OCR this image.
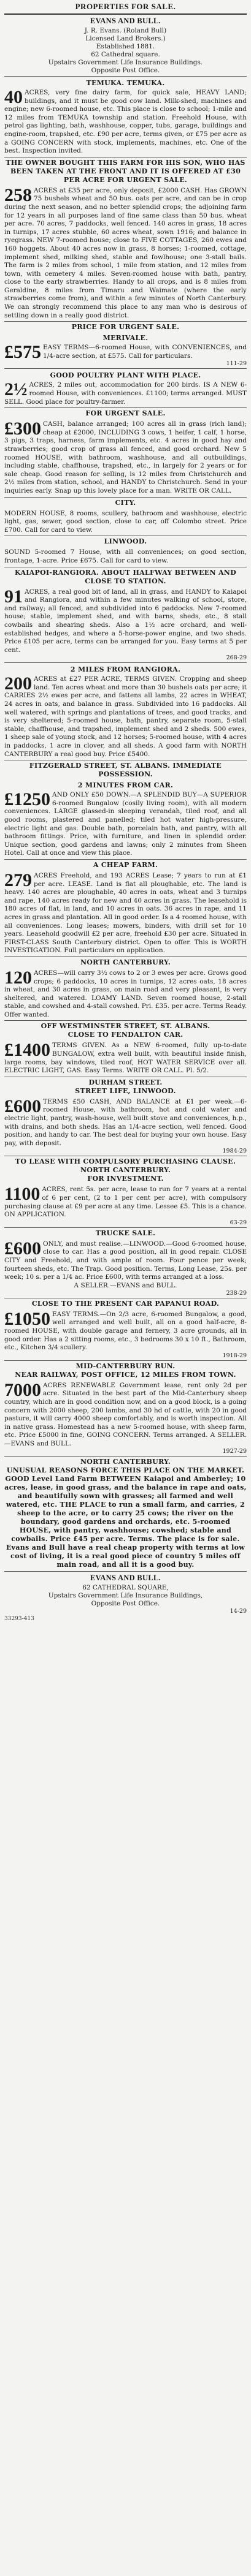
PROPERTIES FOR SALE.
EVANS AND BULL.
J. R. Evans. (Roland Bull)
Licensed Land Brokers.)
Established 1881.
62 Cathedral square.
Upstairs Government Life Insurance Buildings.
Opposite Post Office.
TEMUKA. TEMUKA.

40 ACRES, very fine dairy farm, for quick sale, HEAVY LAND; buildings, and it must be good cow land. Milk-shed, machines and engine; new 6-roomed house, etc. This place is close to school; 1-mile and 12 miles from TEMUKA township and station. Freehold House, with petrol gas lighting, bath, washhouse, copper, tubs, garage, buildings and engine-room, trapshed, etc. £90 per acre, terms given, or £75 per acre as a GOING CONCERN with stock, implements, machines, etc. One of the best. Inspection invited.

THE OWNER BOUGHT THIS FARM FOR HIS SON, WHO HAS BEEN TAKEN AT THE FRONT AND IT IS OFFERED AT £30 PER ACRE FOR URGENT SALE.

258 ACRES at £35 per acre, only deposit, £2000 CASH. Has GROWN 75 bushels wheat and 50 bus. oats per acre, and can be in crop during the next season, and no better splendid crops; the adjoining farm for 12 years in all purposes land of fine same class than 50 bus. wheat per acre. 70 acres, 7 paddocks, well fenced. 140 acres in grass, 18 acres in turnips, 17 acres stubble, 60 acres wheat, sown 1916; and balance in ryegrass. NEW 7-roomed house; close to FIVE COTTAGES, 260 ewes and 160 hoggets. About 40 acres now in grass, 8 horses; 1-roomed, cottage, implement shed, milking shed, stable and fowlhouse; one 3-stall bails. The farm is 2 miles from school, 1 mile from station, and 12 miles from town, with cemetery 4 miles. Seven-roomed house with bath, pantry, close to the early strawberries. Handy to all crops, and is 8 miles from Geraldine, 8 miles from Timaru and Waimate (where the early strawberries come from), and within a few minutes of North Canterbury. We can strongly recommend this place to any man who is desirous of settling down in a really good district.

PRICE FOR URGENT SALE.
MERIVALE.

£575 EASY TERMS—6-roomed House, with CONVENIENCES, and 1/4-acre section, at £575. Call for particulars.

111-29
GOOD POULTRY PLANT WITH PLACE.

2½ ACRES, 2 miles out, accommodation for 200 birds. IS A NEW 6-roomed House, with conveniences. £1100; terms arranged. MUST SELL. Good place for poultry-farmer.

FOR URGENT SALE.

£300 CASH, balance arranged; 100 acres all in grass (rich land); cheap at £2000, INCLUDING 3 cows, 1 heifer, 1 calf, 1 horse, 3 pigs, 3 traps, harness, farm implements, etc. 4 acres in good hay and strawberries; good crop of grass all fenced, and good orchard. New 5 roomed HOUSE, with bathroom, washhouse, and all outbuildings, including stable, chaffhouse, trapshed, etc., in largely for 2 years or for sale cheap. Good reason for selling, is 12 miles from Christchurch and 2½ miles from station, school, and HANDY to Christchurch. Send in your inquiries early. Snap up this lovely place for a man. WRITE OR CALL.

CITY.

MODERN HOUSE, 8 rooms, scullery, bathroom and washhouse, electric light, gas, sewer, good section, close to car, off Colombo street. Price £700. Call for card to view.

LINWOOD.

SOUND 5-roomed 7 House, with all conveniences; on good section, frontage, 1-acre. Price £675. Call for card to view.

KAIAPOI-RANGIORA. ABOUT HALFWAY BETWEEN AND CLOSE TO STATION.

91 ACRES, a real good bit of land, all in grass, and HANDY to Kaiapoi and Rangiora, and within a few minutes walking of school, store, and railway; all fenced, and subdivided into 6 paddocks. New 7-roomed house; stable, implement shed, and with barns, sheds, etc., 8 stall cowbails and shearing sheds. Also a 1½ acre orchard, and well-established hedges, and where a 5-horse-power engine, and two sheds. Price £105 per acre, terms can be arranged for you. Easy terms at 5 per cent.

268-29
2 MILES FROM RANGIORA.

200 ACRES at £27 PER ACRE, TERMS GIVEN. Cropping and sheep land. Ten acres wheat and more than 30 bushels oats per acre; it CARRIES 2½ ewes per acre, and fattens all lambs, 22 acres in WHEAT, 24 acres in oats, and balance in grass. Subdivided into 16 paddocks. All well watered, with springs and plantations of trees, and good tracks, and is very sheltered; 5-roomed house, bath, pantry, separate room, 5-stall stable, chaffhouse, and trapshed, implement shed and 2 sheds. 500 ewes, 1 sheep sale of young stock, and 12 horses; 5-roomed house, with 4 acres in paddocks, 1 acre in clover, and all sheds. A good farm with NORTH CANTERBURY a real good buy. Price £5400.

FITZGERALD STREET, ST. ALBANS. IMMEDIATE POSSESSION.
2 MINUTES FROM CAR.

£1250 AND ONLY £50 DOWN.—A SPLENDID BUY—A SUPERIOR 6-roomed Bungalow (cosily living room), with all modern conveniences. LARGE glassed-in sleeping verandah, tiled roof, and all good rooms, plastered and panelled; tiled hot water high-pressure, electric light and gas. Double bath, porcelain bath, and pantry, with all bathroom fittings. Price, with furniture, and linen in splendid order. Unique section, good gardens and lawns; only 2 minutes from Sheen Hotel. Call at once and view this place.

A CHEAP FARM.

279 ACRES Freehold, and 193 ACRES Lease; 7 years to run at £1 per acre. LEASE. Land is flat all ploughable, etc. The land is heavy. 140 acres are ploughable, 40 acres in oats, wheat and 3 turnips and rape, 140 acres ready for new and 40 acres in grass. The leasehold is 180 acres of flat, in land, and 10 acres in oats. 36 acres in rape, and 11 acres in grass and plantation. All in good order. Is a 4 roomed house, with all conveniences. Long leases; mowers, binders, with drill set for 10 years. Leasehold goodwill £2 per acre, freehold £30 per acre. Situated in FIRST-CLASS South Canterbury district. Open to offer. This is WORTH INVESTIGATION. Full particulars on application.

NORTH CANTERBURY.

120 ACRES—will carry 3½ cows to 2 or 3 ewes per acre. Grows good crops; 6 paddocks, 10 acres in turnips, 12 acres oats, 18 acres in wheat, and 30 acres in grass, on main road and very pleasant, is very sheltered, and watered. LOAMY LAND. Seven roomed house, 2-stall stable, and cowshed and 4-stall cowshed. Pri. £35. per acre. Terms Ready. Offer wanted.

OFF WESTMINSTER STREET, ST. ALBANS.
CLOSE TO FENDALTON CAR.

£1400 TERMS GIVEN. As a NEW 6-roomed, fully up-to-date BUNGALOW, extra well built, with beautiful inside finish, large rooms, bay windows, tiled roof, HOT WATER SERVICE over all. ELECTRIC LIGHT, GAS. Easy Terms. WRITE OR CALL. Pl. 5/2.

DURHAM STREET.
STREET LIFE, LINWOOD.

£600 TERMS £50 CASH, AND BALANCE at £1 per week.—6-roomed House, with bathroom, hot and cold water and electric light, pantry, wash-house, well built stove and conveniences, h.p., with drains, and both sheds. Has an 1/4-acre section, well fenced. Good position, and handy to car. The best deal for buying your own house. Easy pay, with deposit.

1984-29
TO LEASE WITH COMPULSORY PURCHASING CLAUSE.
NORTH CANTERBURY.
FOR INVESTMENT.

1100 ACRES, rent 5s. per acre, lease to run for 7 years at a rental of 6 per cent, (2 to 1 per cent per acre), with compulsory purchasing clause at £9 per acre at any time. Lessee £5. This is a chance. ON APPLICATION.

63-29
TRUCKE SALE.

£600 ONLY, and must realise.—LINWOOD.—Good 6-roomed house, close to car. Has a good position, all in good repair. CLOSE CITY and Freehold, and with ample of room. Four pence per week; fourteen sheds, etc. The Trap. Good position. Terms, Long Lease, 25s. per week; 10 s. per a 1/4 ac. Price £600, with terms arranged at a loss.

A SELLER.—EVANS and BULL.
238-29
CLOSE TO THE PRESENT CAR PAPANUI ROAD.

£1050 EASY TERMS.—On 2/3 acre, 6-roomed Bungalow, a good, well arranged and well built, all on a good half-acre, 8-roomed HOUSE, with double garage and fernery, 3 acre grounds, all in good order. Has a 2 sitting rooms, etc., 3 bedrooms 30 x 10 ft., Bathroom, etc., Kitchen 3/4 scullery.

1918-29
MID-CANTERBURY RUN.
NEAR RAILWAY, POST OFFICE, 12 MILES FROM TOWN.

7000 ACRES RENEWABLE Government lease, rent only 2d per acre. Situated in the best part of the Mid-Canterbury sheep country, which are in good condition now, and on a good block, is a going concern with 2000 sheep, 200 lambs, and 30 hd of cattle, with 20 in good pasture, it will carry 4000 sheep comfortably, and is worth inspection. All in native grass. Homestead has a new 5-roomed house, with sheep farm, etc. Price £5000 in fine, GOING CONCERN. Terms arranged. A SELLER.—EVANS and BULL.

1927-29
NORTH CANTERBURY.
UNUSUAL REASONS FORCE THIS PLACE ON THE MARKET.
GOOD Level Land Farm BETWEEN Kaiapoi and Amberley; 10 acres, lease, in good grass, and the balance in rape and oats, and beautifully sown with grasses; all farmed and well watered, etc. THE PLACE to run a small farm, and carries, 2 sheep to the acre, or to carry 25 cows; the river on the boundary, good gardens and orchards, etc. 5-roomed HOUSE, with pantry, washhouse; cowshed; stable and cowbails. Price £45 per acre. Terms. The place is for sale. Evans and Bull have a real cheap property with terms at low cost of living, it is a real good piece of country 5 miles off main road, and all it is a good buy.
EVANS AND BULL.
62 CATHEDRAL SQUARE,
Upstairs Government Life Insurance Buildings,
Opposite Post Office.
14-29
33293-413
